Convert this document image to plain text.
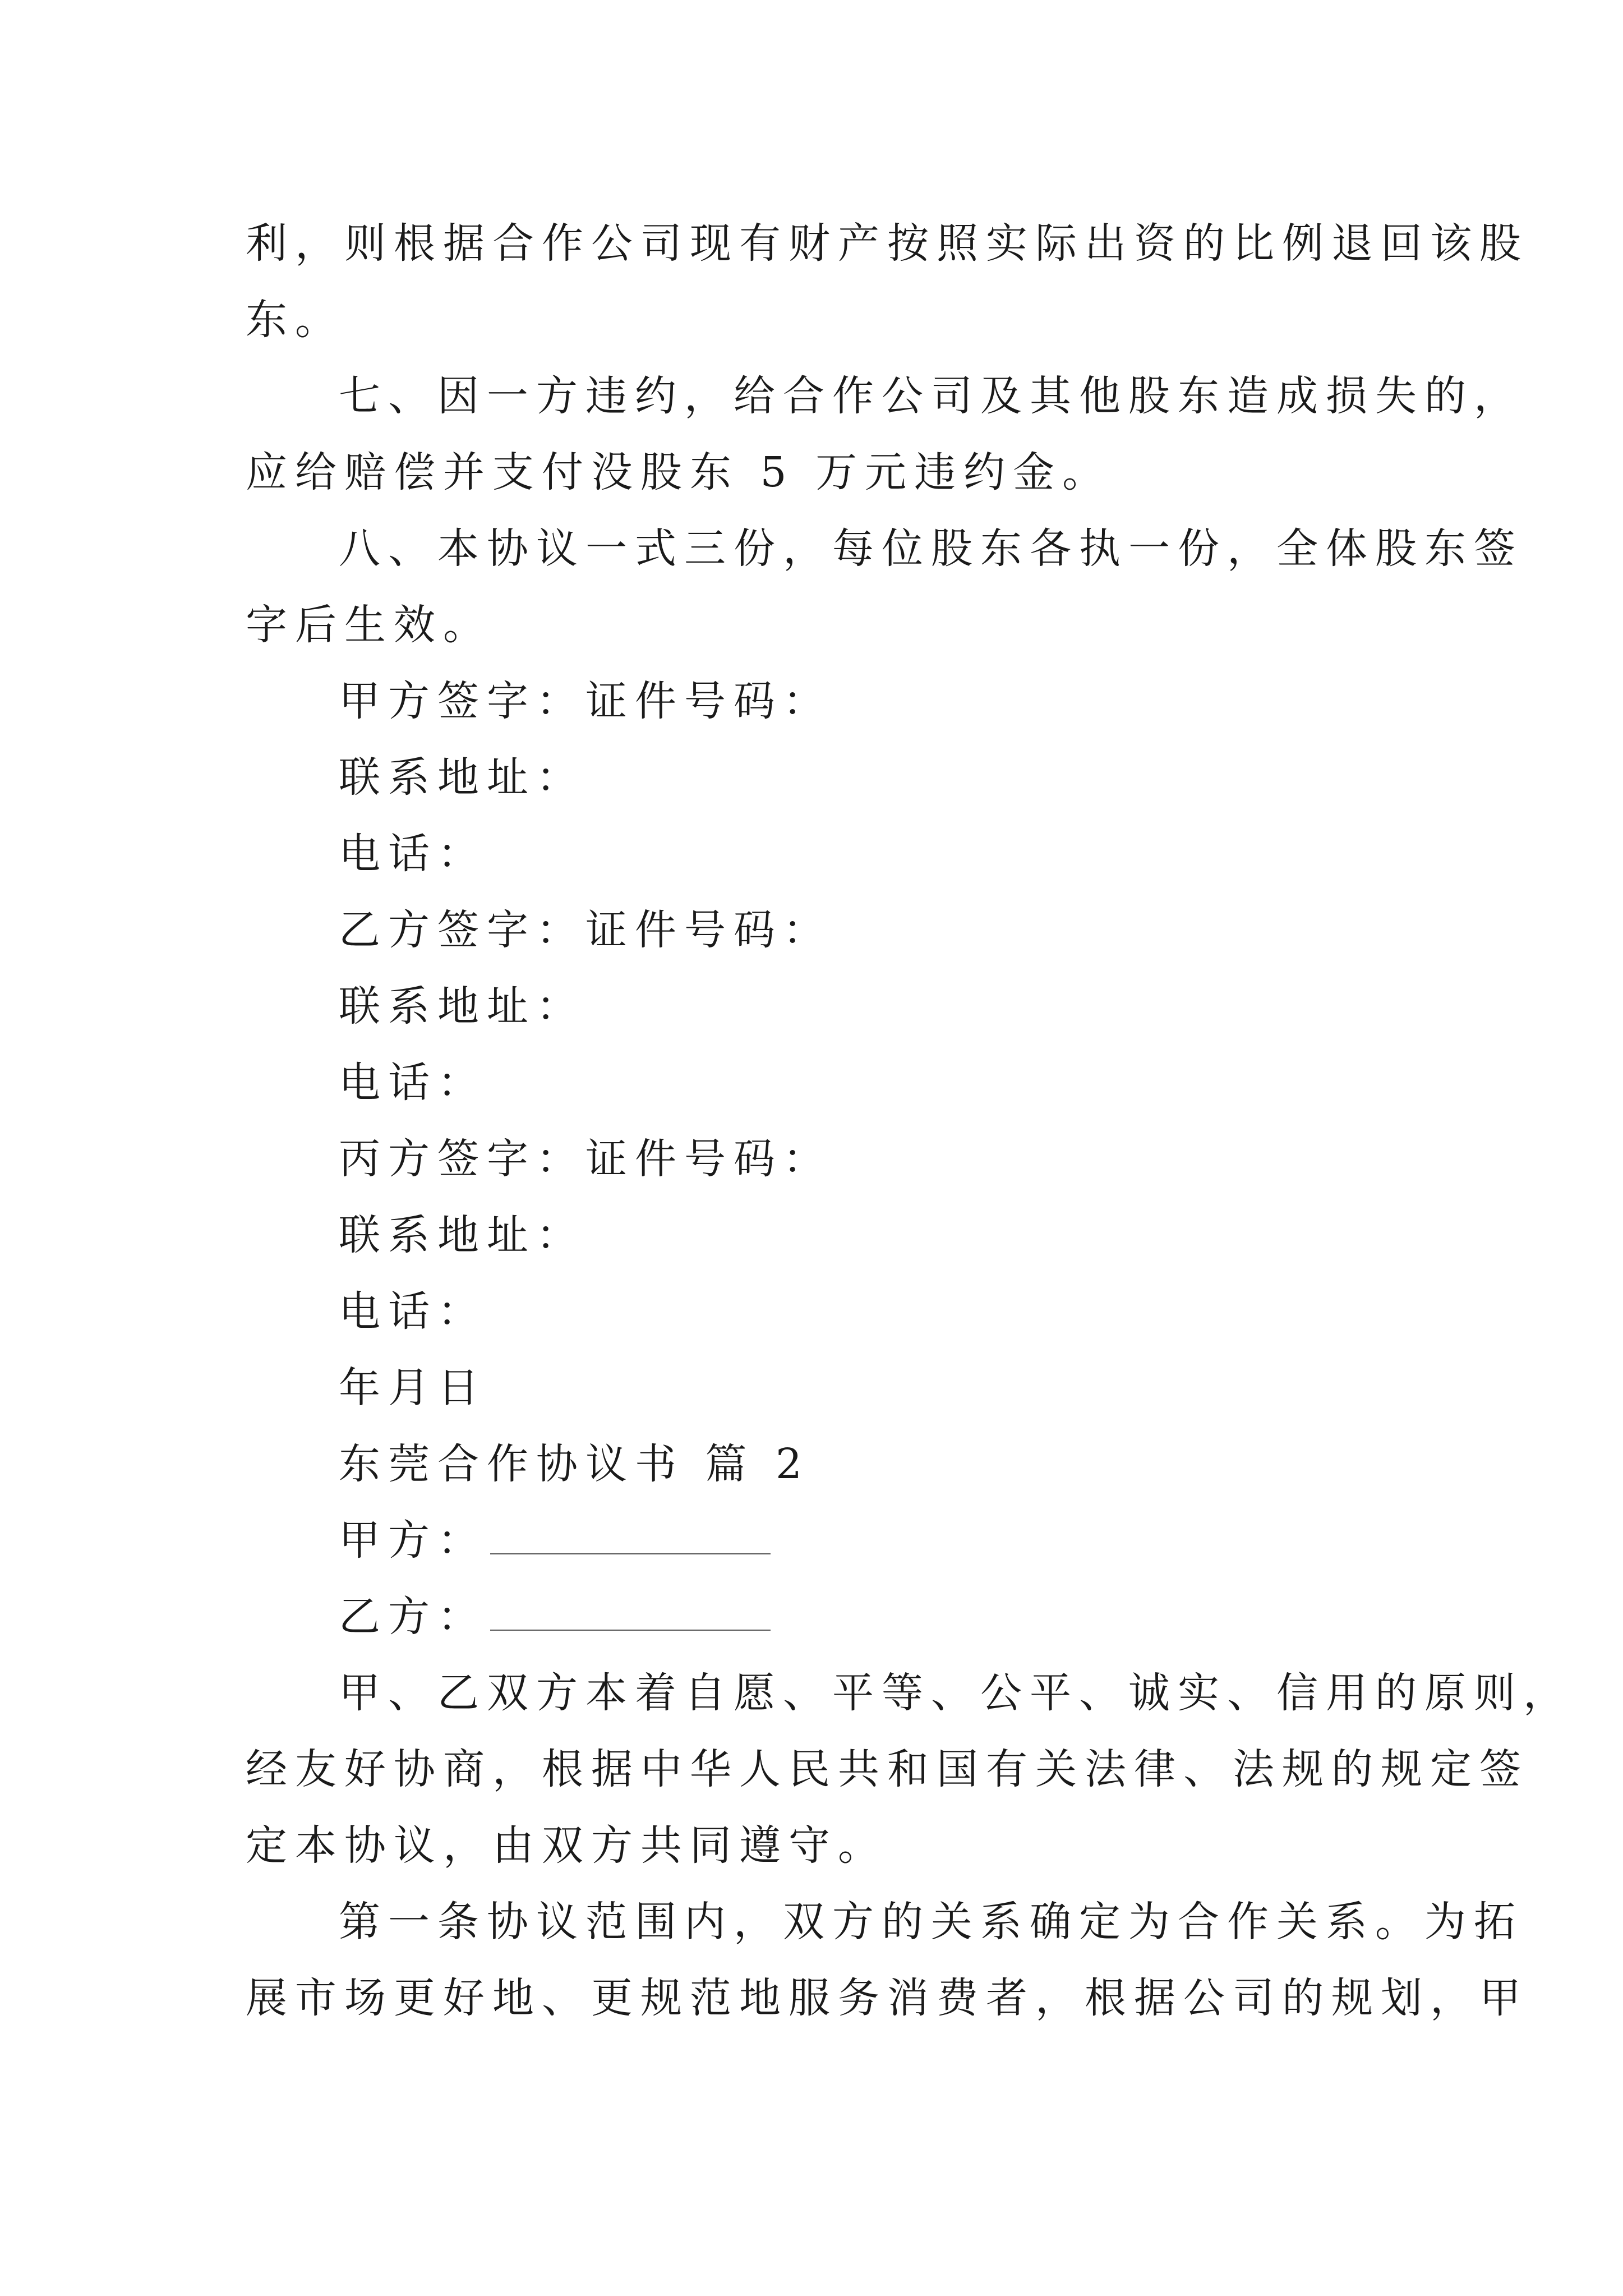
利，则根据合作公司现有财产按照实际出资的比例退回该股
东。
七、因一方违约，给合作公司及其他股东造成损失的，
应给赔偿并支付没股东 5 万元违约金。
八、本协议一式三份，每位股东各执一份，全体股东签
字后生效。
甲方签字：证件号码：
联系地址：
电话：
乙方签字：证件号码：
联系地址：
电话：
丙方签字：证件号码：
联系地址：
电话：
年月日
东莞合作协议书 篇 2
甲方：
乙方：
甲、乙双方本着自愿、平等、公平、诚实、信用的原则，
经友好协商，根据中华人民共和国有关法律、法规的规定签
定本协议，由双方共同遵守。
第一条协议范围内，双方的关系确定为合作关系。为拓
展市场更好地、更规范地服务消费者，根据公司的规划，甲
